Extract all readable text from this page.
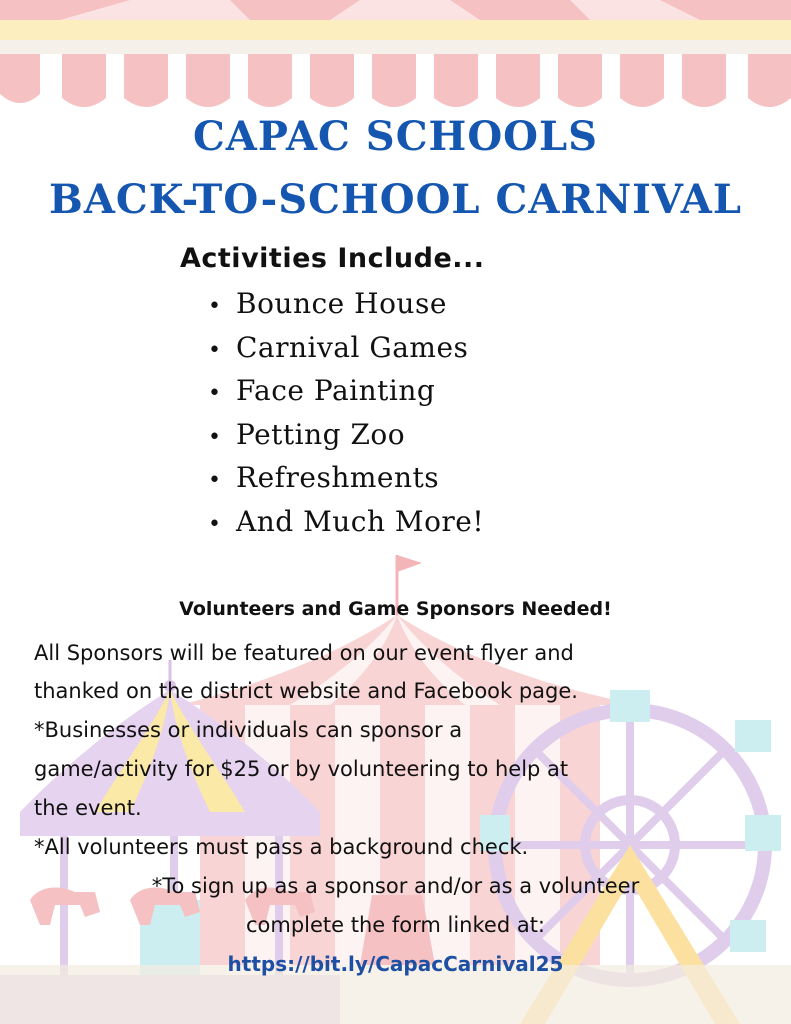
CAPAC SCHOOLS
BACK-TO-SCHOOL CARNIVAL
Activities Include...
• Bounce House
• Carnival Games
• Face Painting
• Petting Zoo
• Refreshments
• And Much More!
Volunteers and Game Sponsors Needed!
All Sponsors will be featured on our event flyer and
thanked on the district website and Facebook page.
*Businesses or individuals can sponsor a
game/activity for $25 or by volunteering to help at
the event.
*All volunteers must pass a background check.
*To sign up as a sponsor and/or as a volunteer
complete the form linked at:
https://bit.ly/CapacCarnival25
